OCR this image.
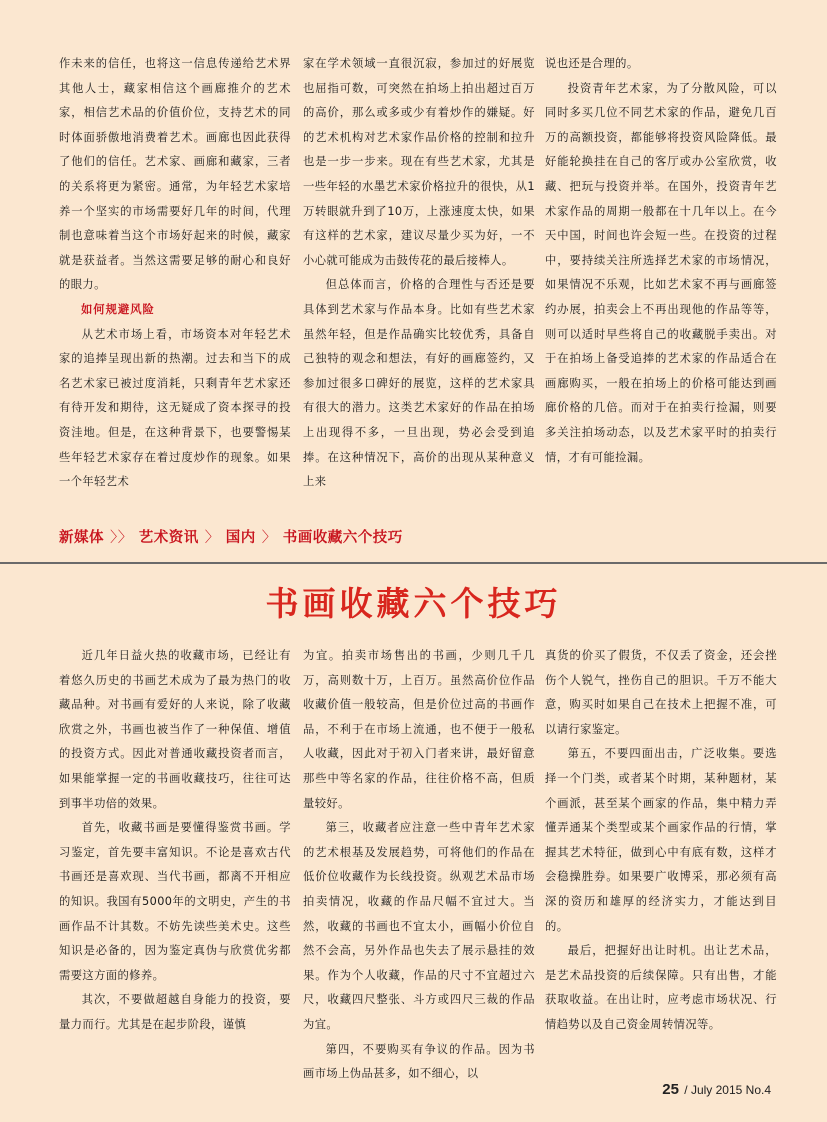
作未来的信任，也将这一信息传递给艺术界其他人士，藏家相信这个画廊推介的艺术家，相信艺术品的价值价位，支持艺术的同时体面骄傲地消费着艺术。画廊也因此获得了他们的信任。艺术家、画廊和藏家，三者的关系将更为紧密。通常，为年轻艺术家培养一个坚实的市场需要好几年的时间，代理制也意味着当这个市场好起来的时候，藏家就是获益者。当然这需要足够的耐心和良好的眼力。

如何规避风险

从艺术市场上看，市场资本对年轻艺术家的追捧呈现出新的热潮。过去和当下的成名艺术家已被过度消耗，只剩青年艺术家还有待开发和期待，这无疑成了资本探寻的投资洼地。但是，在这种背景下，也要警惕某些年轻艺术家存在着过度炒作的现象。如果一个年轻艺术

家在学术领域一直很沉寂，参加过的好展览也屈指可数，可突然在拍场上拍出超过百万的高价，那么或多或少有着炒作的嫌疑。好的艺术机构对艺术家作品价格的控制和拉升也是一步一步来。现在有些艺术家，尤其是一些年轻的水墨艺术家价格拉升的很快，从1万转眼就升到了10万，上涨速度太快，如果有这样的艺术家，建议尽量少买为好，一不小心就可能成为击鼓传花的最后接棒人。

但总体而言，价格的合理性与否还是要具体到艺术家与作品本身。比如有些艺术家虽然年轻，但是作品确实比较优秀，具备自己独特的观念和想法，有好的画廊签约，又参加过很多口碑好的展览，这样的艺术家具有很大的潜力。这类艺术家好的作品在拍场上出现得不多，一旦出现，势必会受到追捧。在这种情况下，高价的出现从某种意义上来

说也还是合理的。

投资青年艺术家，为了分散风险，可以同时多买几位不同艺术家的作品，避免几百万的高额投资，都能够将投资风险降低。最好能轮换挂在自己的客厅或办公室欣赏，收藏、把玩与投资并举。在国外，投资青年艺术家作品的周期一般都在十几年以上。在今天中国，时间也许会短一些。在投资的过程中，要持续关注所选择艺术家的市场情况，如果情况不乐观，比如艺术家不再与画廊签约办展，拍卖会上不再出现他的作品等等，则可以适时早些将自己的收藏脱手卖出。对于在拍场上备受追捧的艺术家的作品适合在画廊购买，一般在拍场上的价格可能达到画廊价格的几倍。而对于在拍卖行捡漏，则要多关注拍场动态，以及艺术家平时的拍卖行情，才有可能捡漏。

新媒体 〉〉 艺术资讯 〉 国内 〉 书画收藏六个技巧
书画收藏六个技巧

近几年日益火热的收藏市场，已经让有着悠久历史的书画艺术成为了最为热门的收藏品种。对书画有爱好的人来说，除了收藏欣赏之外，书画也被当作了一种保值、增值的投资方式。因此对普通收藏投资者而言，如果能掌握一定的书画收藏技巧，往往可达到事半功倍的效果。

首先，收藏书画是要懂得鉴赏书画。学习鉴定，首先要丰富知识。不论是喜欢古代书画还是喜欢现、当代书画，都离不开相应的知识。我国有5000年的文明史，产生的书画作品不计其数。不妨先读些美术史。这些知识是必备的，因为鉴定真伪与欣赏优劣都需要这方面的修养。

其次，不要做超越自身能力的投资，要量力而行。尤其是在起步阶段，谨慎

为宜。拍卖市场售出的书画，少则几千几万，高则数十万，上百万。虽然高价位作品收藏价值一般较高，但是价位过高的书画作品，不利于在市场上流通，也不便于一般私人收藏，因此对于初入门者来讲，最好留意那些中等名家的作品，往往价格不高，但质量较好。

第三，收藏者应注意一些中青年艺术家的艺术根基及发展趋势，可将他们的作品在低价位收藏作为长线投资。纵观艺术品市场拍卖情况，收藏的作品尺幅不宜过大。当然，收藏的书画也不宜太小，画幅小价位自然不会高，另外作品也失去了展示悬挂的效果。作为个人收藏，作品的尺寸不宜超过六尺，收藏四尺整张、斗方或四尺三裁的作品为宜。

第四，不要购买有争议的作品。因为书画市场上伪品甚多，如不细心，以

真货的价买了假货，不仅丢了资金，还会挫伤个人锐气，挫伤自己的胆识。千万不能大意，购买时如果自己在技术上把握不准，可以请行家鉴定。

第五，不要四面出击，广泛收集。要选择一个门类，或者某个时期，某种题材，某个画派，甚至某个画家的作品，集中精力弄懂弄通某个类型或某个画家作品的行情，掌握其艺术特征，做到心中有底有数，这样才会稳操胜券。如果要广收博采，那必须有高深的资历和雄厚的经济实力，才能达到目的。

最后，把握好出让时机。出让艺术品，是艺术品投资的后续保障。只有出售，才能获取收益。在出让时，应考虑市场状况、行情趋势以及自己资金周转情况等。

25 / July 2015 No.4
